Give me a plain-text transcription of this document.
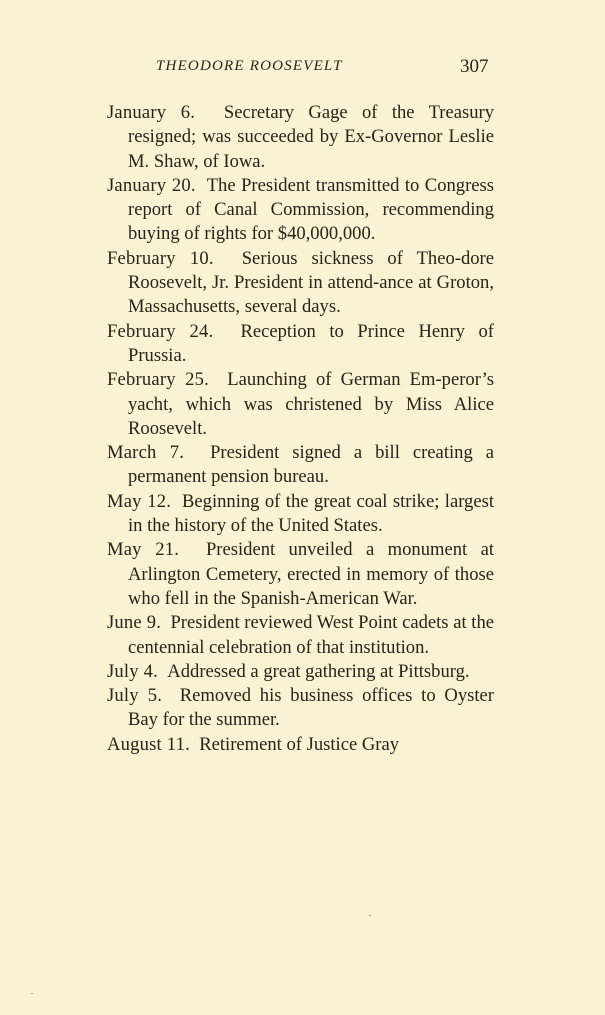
THEODORE ROOSEVELT	307

January 6. Secretary Gage of the Treasury resigned; was succeeded by Ex-Governor Leslie M. Shaw, of Iowa.

January 20. The President transmitted to Congress report of Canal Commission, recommending buying of rights for $40,000,000.

February 10. Serious sickness of Theo-dore Roosevelt, Jr. President in attend-ance at Groton, Massachusetts, several days.

February 24. Reception to Prince Henry of Prussia.

February 25. Launching of German Em-peror’s yacht, which was christened by Miss Alice Roosevelt.

March 7. President signed a bill creating a permanent pension bureau.

May 12. Beginning of the great coal strike; largest in the history of the United States.

May 21. President unveiled a monument at Arlington Cemetery, erected in memory of those who fell in the Spanish-American War.

June 9. President reviewed West Point cadets at the centennial celebration of that institution.

July 4. Addressed a great gathering at Pittsburg.

July 5. Removed his business offices to Oyster Bay for the summer.

August 11. Retirement of Justice Gray
